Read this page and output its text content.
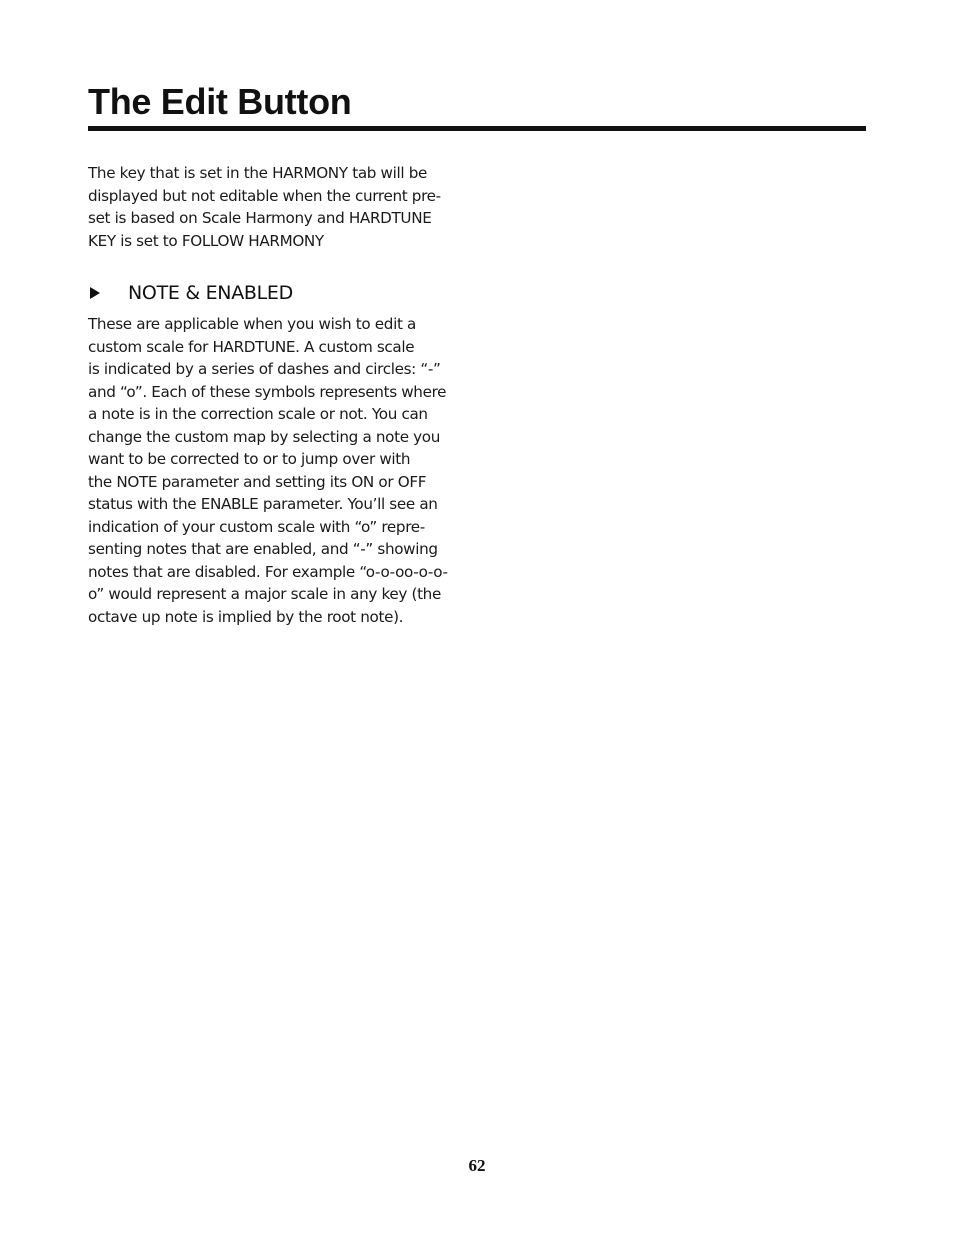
The Edit Button
The key that is set in the HARMONY tab will be
displayed but not editable when the current pre-
set is based on Scale Harmony and HARDTUNE
KEY is set to FOLLOW HARMONY
NOTE & ENABLED
These are applicable when you wish to edit a
custom scale for HARDTUNE. A custom scale
is indicated by a series of dashes and circles: “-”
and “o”. Each of these symbols represents where
a note is in the correction scale or not. You can
change the custom map by selecting a note you
want to be corrected to or to jump over with
the NOTE parameter and setting its ON or OFF
status with the ENABLE parameter. You’ll see an
indication of your custom scale with “o” repre-
senting notes that are enabled, and “-” showing
notes that are disabled. For example “o-o-oo-o-o-
o” would represent a major scale in any key (the
octave up note is implied by the root note).
62
